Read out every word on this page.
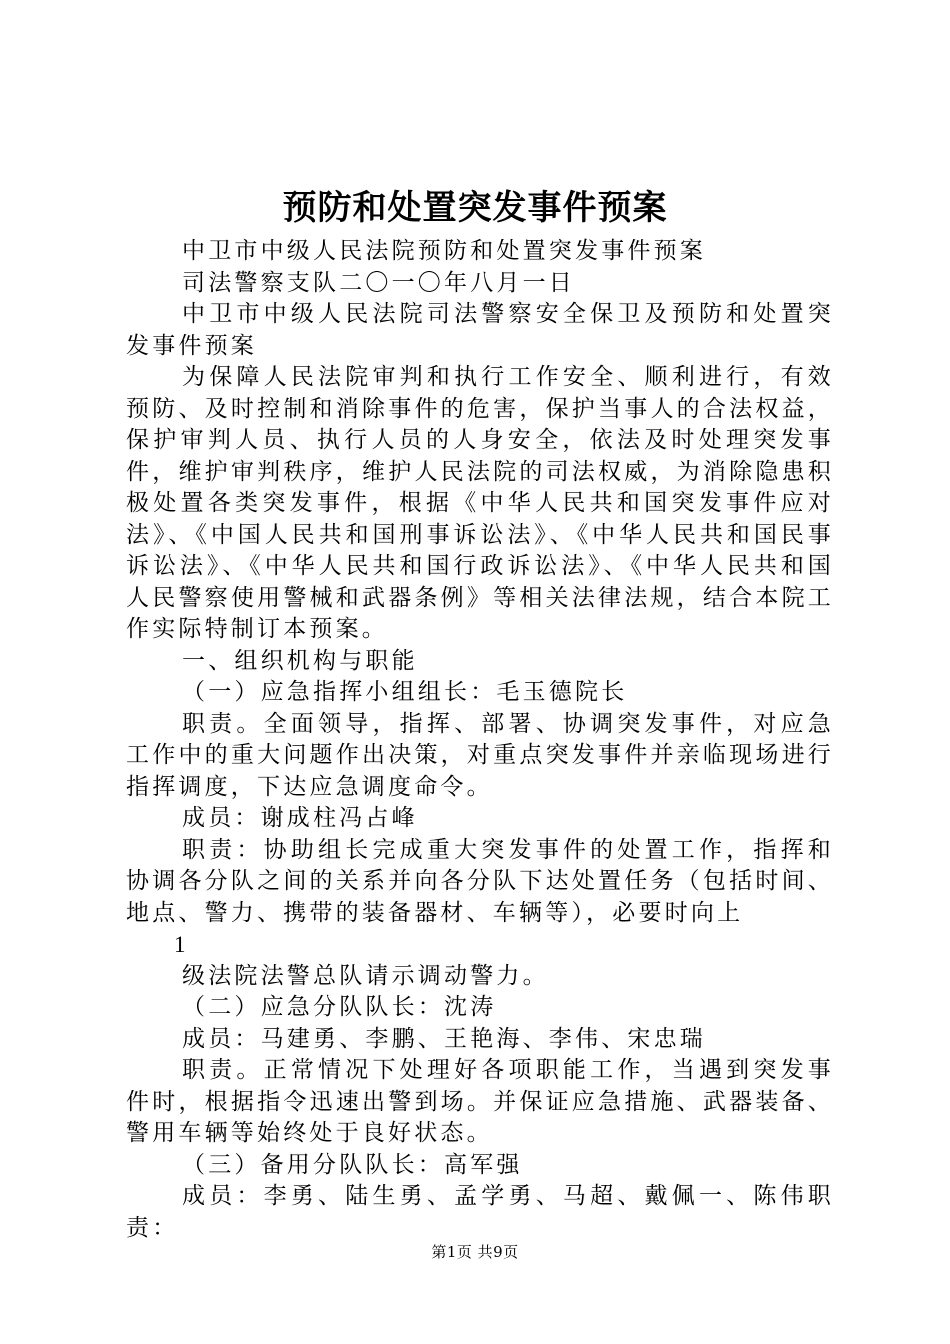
预防和处置突发事件预案

中卫市中级人民法院预防和处置突发事件预案

司法警察支队二〇一〇年八月一日

中卫市中级人民法院司法警察安全保卫及预防和处置突发事件预案

为保障人民法院审判和执行工作安全、顺利进行，有效预防、及时控制和消除事件的危害，保护当事人的合法权益，保护审判人员、执行人员的人身安全，依法及时处理突发事件，维护审判秩序，维护人民法院的司法权威，为消除隐患积极处置各类突发事件，根据《中华人民共和国突发事件应对法》、《中国人民共和国刑事诉讼法》、《中华人民共和国民事诉讼法》、《中华人民共和国行政诉讼法》、《中华人民共和国人民警察使用警械和武器条例》等相关法律法规，结合本院工作实际特制订本预案。

一、组织机构与职能

（一）应急指挥小组组长：毛玉德院长

职责。全面领导，指挥、部署、协调突发事件，对应急工作中的重大问题作出决策，对重点突发事件并亲临现场进行指挥调度，下达应急调度命令。

成员：谢成柱冯占峰

职责：协助组长完成重大突发事件的处置工作，指挥和协调各分队之间的关系并向各分队下达处置任务（包括时间、地点、警力、携带的装备器材、车辆等），必要时向上

1

级法院法警总队请示调动警力。

（二）应急分队队长：沈涛

成员：马建勇、李鹏、王艳海、李伟、宋忠瑞

职责。正常情况下处理好各项职能工作，当遇到突发事件时，根据指令迅速出警到场。并保证应急措施、武器装备、警用车辆等始终处于良好状态。

（三）备用分队队长：高军强

成员：李勇、陆生勇、孟学勇、马超、戴佩一、陈伟职责：

第1页 共9页
